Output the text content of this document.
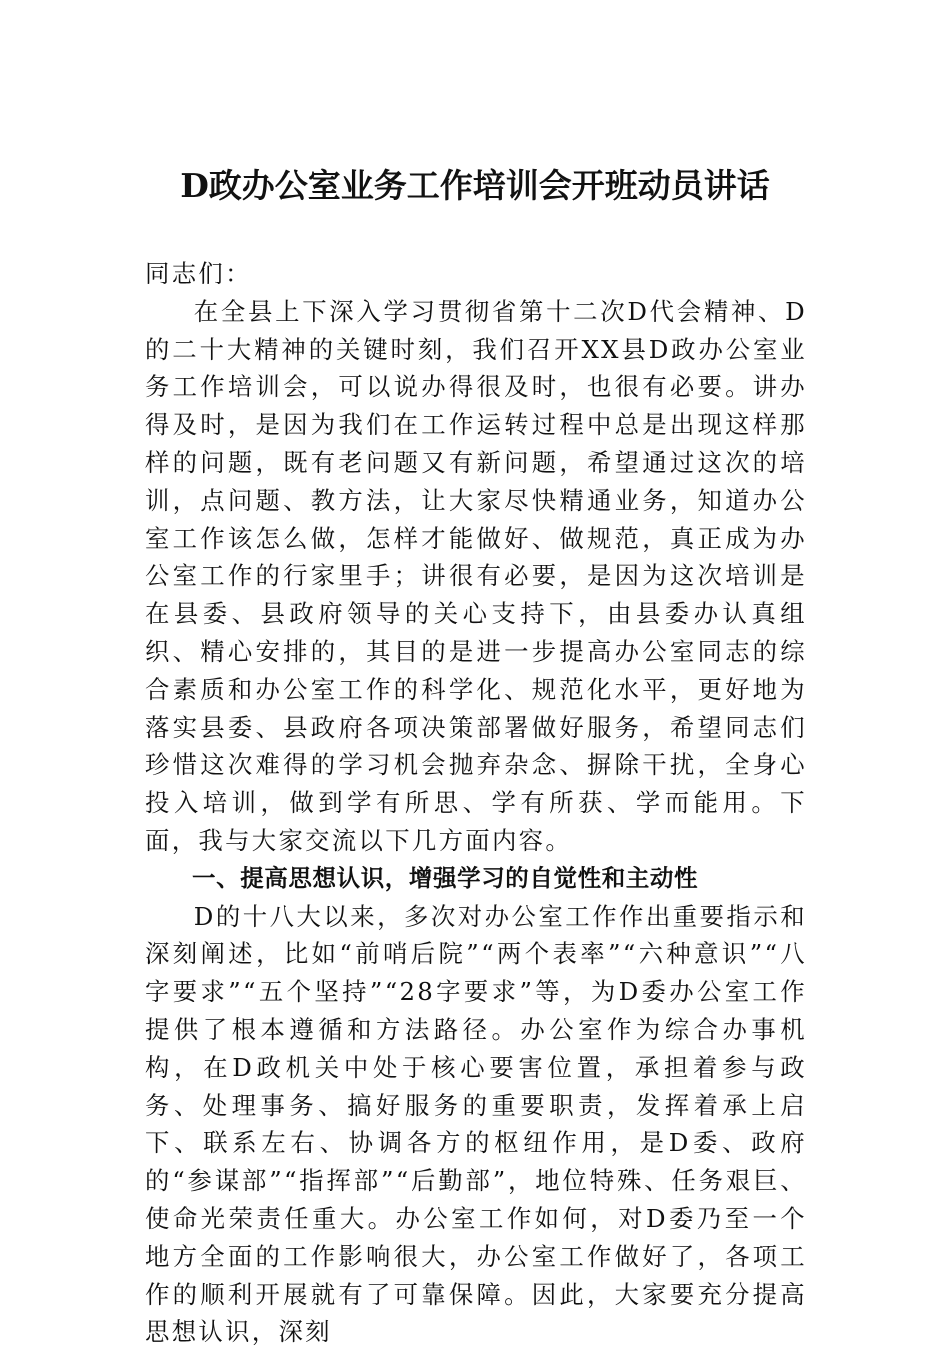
D政办公室业务工作培训会开班动员讲话

同志们：

在全县上下深入学习贯彻省第十二次D代会精神、D的二十大精神的关键时刻，我们召开XX县D政办公室业务工作培训会，可以说办得很及时，也很有必要。讲办得及时，是因为我们在工作运转过程中总是出现这样那样的问题，既有老问题又有新问题，希望通过这次的培训，点问题、教方法，让大家尽快精通业务，知道办公室工作该怎么做，怎样才能做好、做规范，真正成为办公室工作的行家里手；讲很有必要，是因为这次培训是在县委、县政府领导的关心支持下，由县委办认真组织、精心安排的，其目的是进一步提高办公室同志的综合素质和办公室工作的科学化、规范化水平，更好地为落实县委、县政府各项决策部署做好服务，希望同志们珍惜这次难得的学习机会抛弃杂念、摒除干扰，全身心投入培训，做到学有所思、学有所获、学而能用。下面，我与大家交流以下几方面内容。

一、提高思想认识，增强学习的自觉性和主动性

D的十八大以来，多次对办公室工作作出重要指示和深刻阐述，比如“前哨后院”“两个表率”“六种意识”“八字要求”“五个坚持”“28字要求”等，为D委办公室工作提供了根本遵循和方法路径。办公室作为综合办事机构，在D政机关中处于核心要害位置，承担着参与政务、处理事务、搞好服务的重要职责，发挥着承上启下、联系左右、协调各方的枢纽作用，是D委、政府的“参谋部”“指挥部”“后勤部”，地位特殊、任务艰巨、使命光荣责任重大。办公室工作如何，对D委乃至一个地方全面的工作影响很大，办公室工作做好了，各项工作的顺利开展就有了可靠保障。因此，大家要充分提高思想认识，深刻
